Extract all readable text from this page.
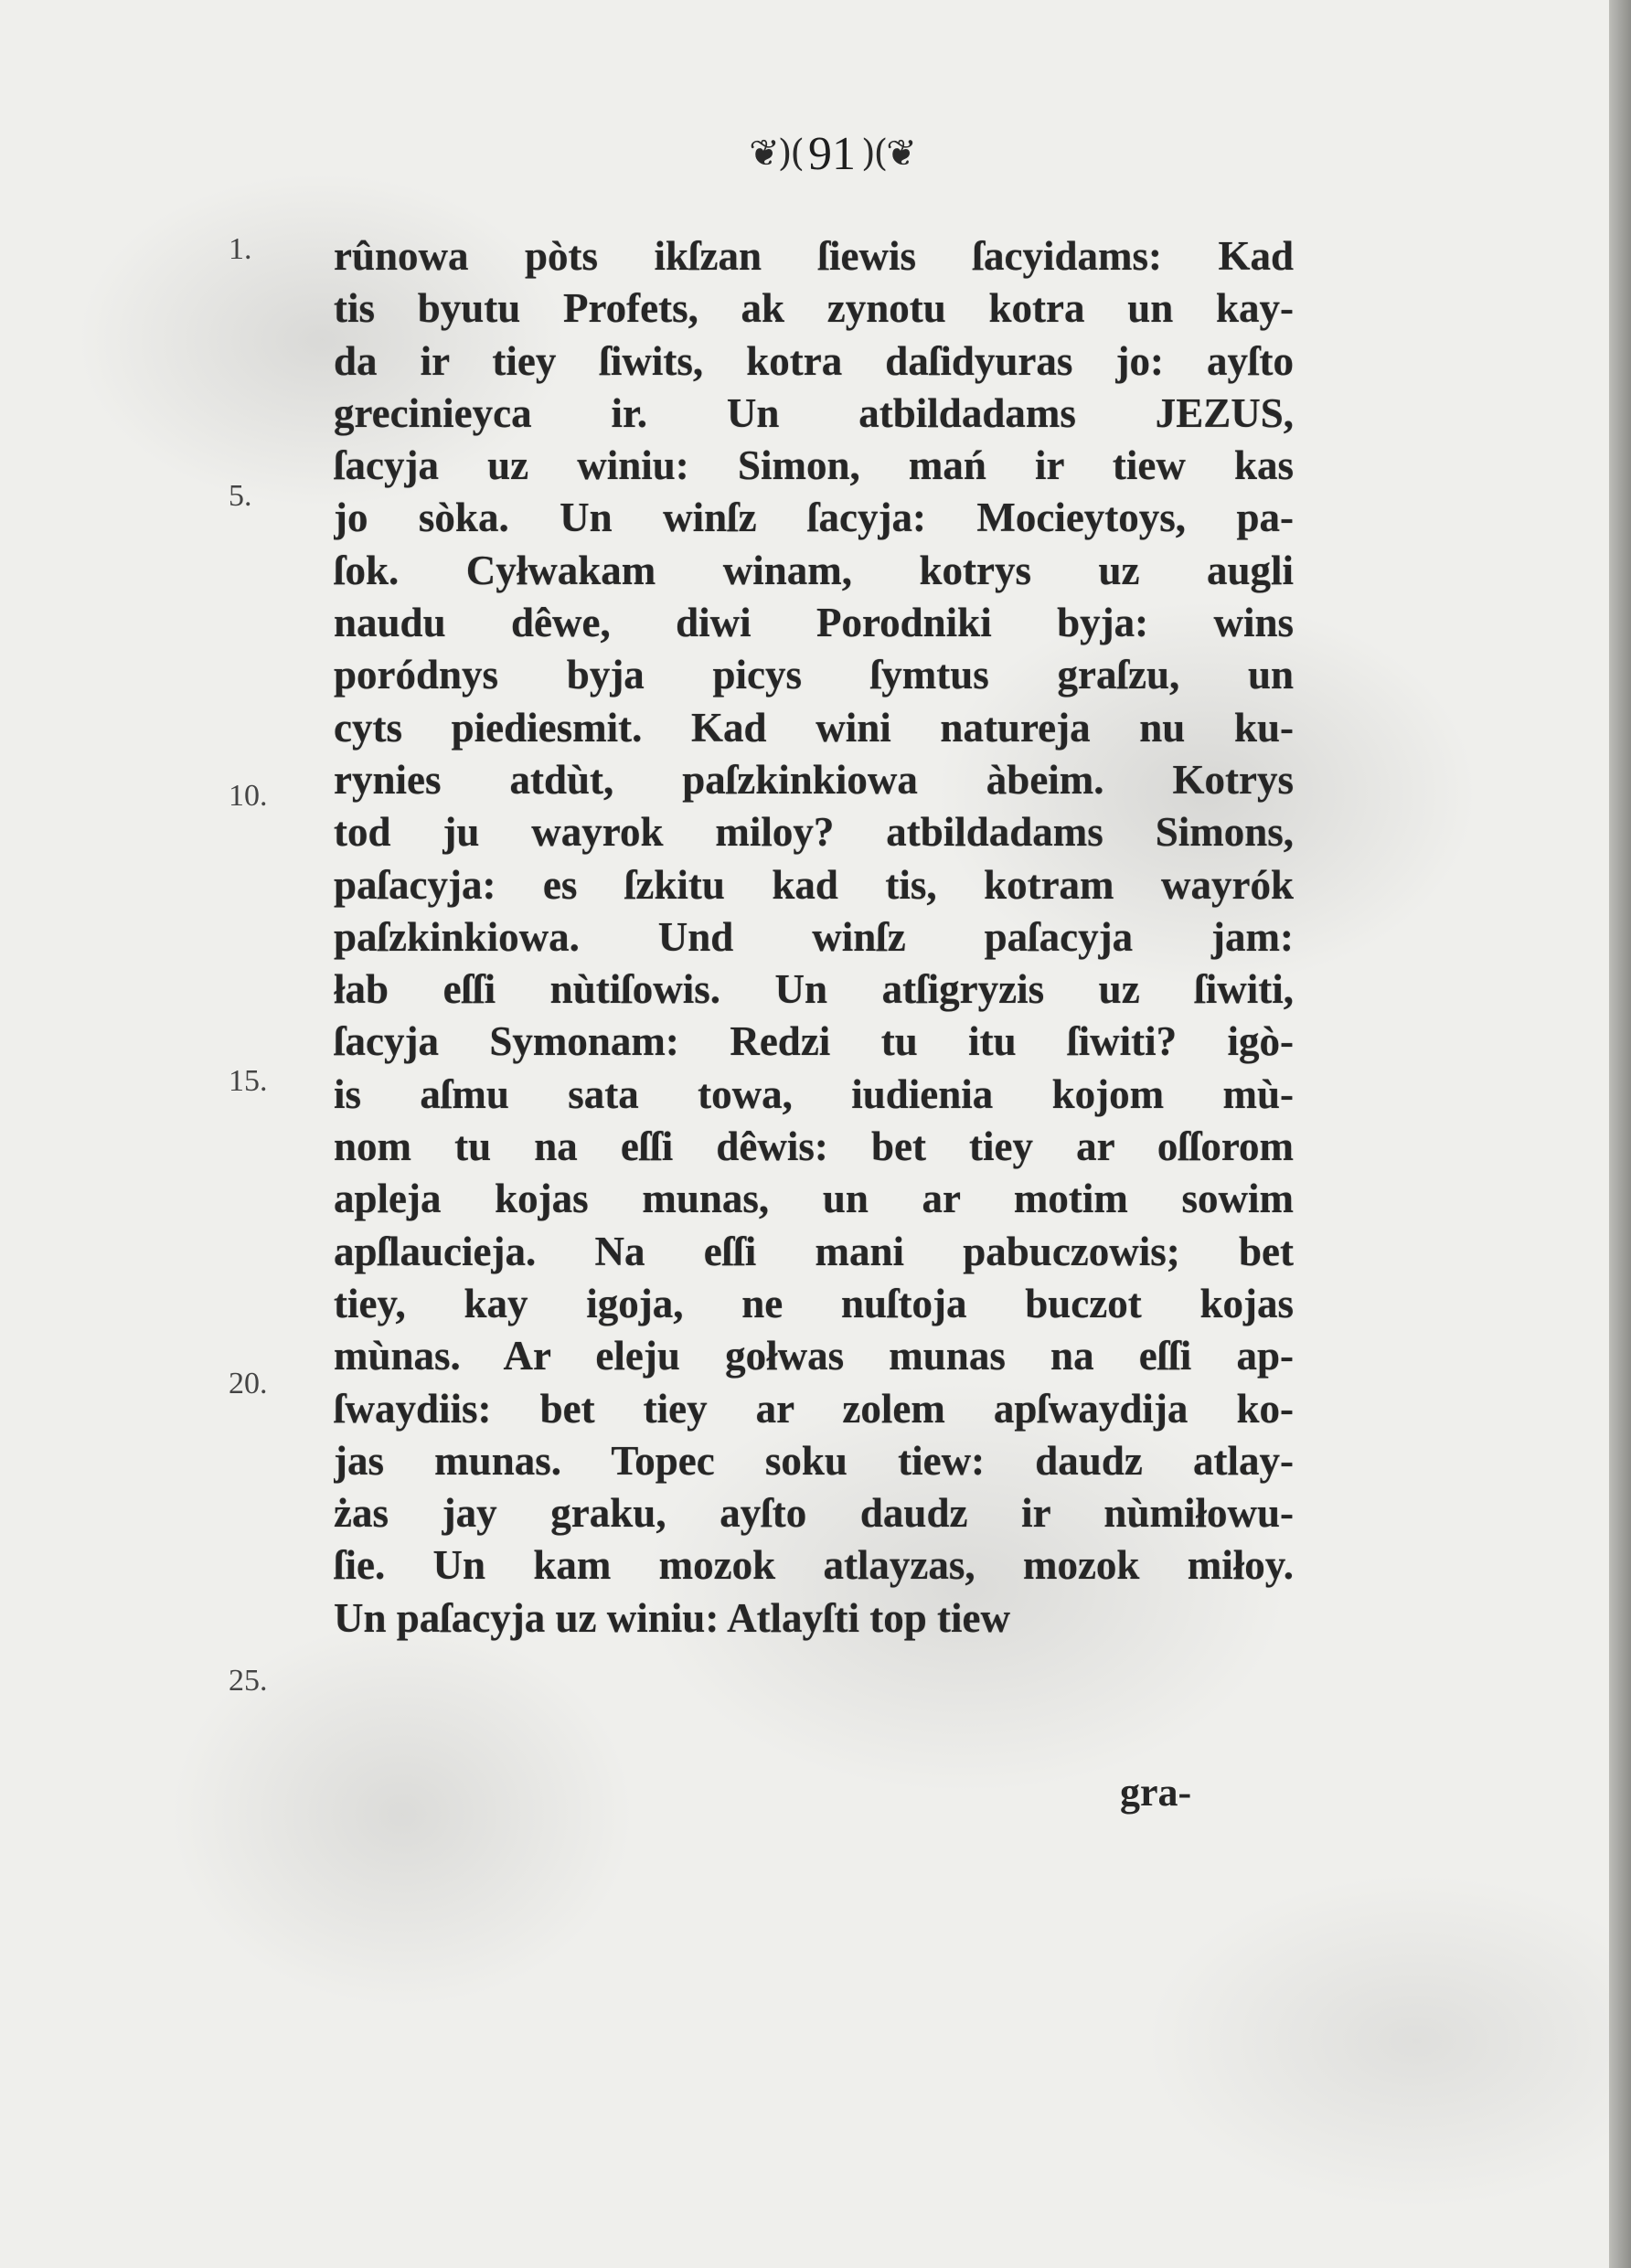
❦)( 91 )(❦
1.
5.
10.
15.
20.
25.
rûnowa pòts ikſzan ſiewis ſacyidams: Kad
tis byutu Profets, ak zynotu kotra un kay-
da ir tiey ſiwits, kotra daſidyuras jo: ayſto
grecinieyca ir. Un atbildadams JEZUS,
ſacyja uz winiu: Simon, mań ir tiew kas
jo sòka. Un winſz ſacyja: Mocieytoys, pa-
ſok. Cyłwakam winam, kotrys uz augli
naudu dêwe, diwi Porodniki byja: wins
poródnys byja picys ſymtus graſzu, un
cyts piediesmit. Kad wini natureja nu ku-
rynies atdùt, paſzkinkiowa àbeim. Kotrys
tod ju wayrok miloy? atbildadams Simons,
paſacyja: es ſzkitu kad tis, kotram wayrók
paſzkinkiowa. Und winſz paſacyja jam:
łab eſſi nùtiſowis. Un atſigryzis uz ſiwiti,
ſacyja Symonam: Redzi tu itu ſiwiti? igò-
is aſmu sata towa, iudienia kojom mù-
nom tu na eſſi dêwis: bet tiey ar oſſorom
apleja kojas munas, un ar motim sowim
apſlaucieja. Na eſſi mani pabuczowis; bet
tiey, kay igoja, ne nuſtoja buczot kojas
mùnas. Ar eleju gołwas munas na eſſi ap-
ſwaydiis: bet tiey ar zolem apſwaydija ko-
jas munas. Topec soku tiew: daudz atlay-
żas jay graku, ayſto daudz ir nùmiłowu-
ſie. Un kam mozok atlayzas, mozok miłoy.
Un paſacyja uz winiu: Atlayſti top tiew
gra-
